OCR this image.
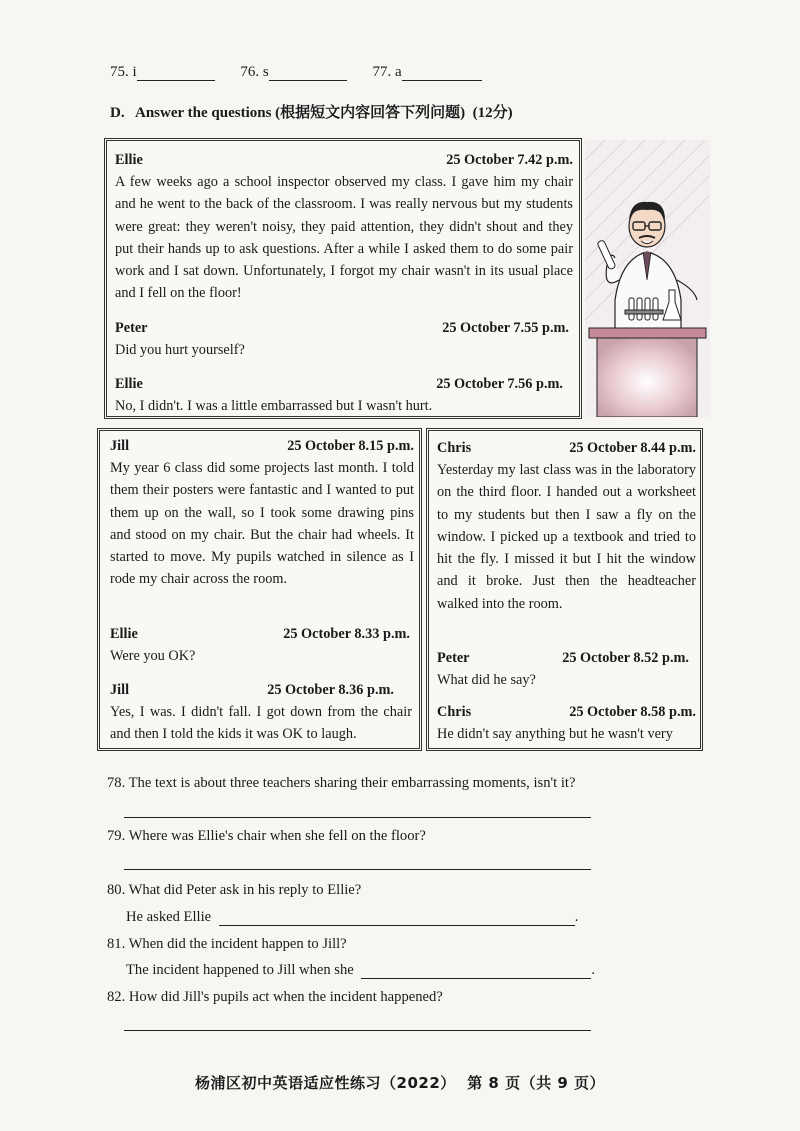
75. i	76. s	77. a
D.   Answer the questions (根据短文内容回答下列问题)  (12分)
Ellie	25 October 7.42 p.m.

A few weeks ago a school inspector observed my class. I gave him my chair and he went to the back of the classroom. I was really nervous but my students were great: they weren't noisy, they paid attention, they didn't shout and they put their hands up to ask questions. After a while I asked them to do some pair work and I sat down. Unfortunately, I forgot my chair wasn't in its usual place and I fell on the floor!

Peter	25 October 7.55 p.m.

Did you hurt yourself?

Ellie	25 October 7.56 p.m.

No, I didn't. I was a little embarrassed but I wasn't hurt.

Jill	25 October 8.15 p.m.

My year 6 class did some projects last month. I told them their posters were fantastic and I wanted to put them up on the wall, so I took some drawing pins and stood on my chair. But the chair had wheels. It started to move. My pupils watched in silence as I rode my chair across the room.

Ellie	25 October 8.33 p.m.

Were you OK?

Jill	25 October 8.36 p.m.

Yes, I was. I didn't fall. I got down from the chair and then I told the kids it was OK to laugh.

Chris	25 October 8.44 p.m.

Yesterday my last class was in the laboratory on the third floor. I handed out a worksheet to my students but then I saw a fly on the window. I picked up a textbook and tried to hit the fly. I missed it but I hit the window and it broke. Just then the headteacher walked into the room.

Peter	25 October 8.52 p.m.

What did he say?

Chris	25 October 8.58 p.m.

He didn't say anything but he wasn't very

78. The text is about three teachers sharing their embarrassing moments, isn't it?
79. Where was Ellie's chair when she fell on the floor?
80. What did Peter ask in his reply to Ellie?
He asked Ellie	.
81. When did the incident happen to Jill?
The incident happened to Jill when she	.
82. How did Jill's pupils act when the incident happened?
杨浦区初中英语适应性练习（2022）  第 8 页（共 9 页）
